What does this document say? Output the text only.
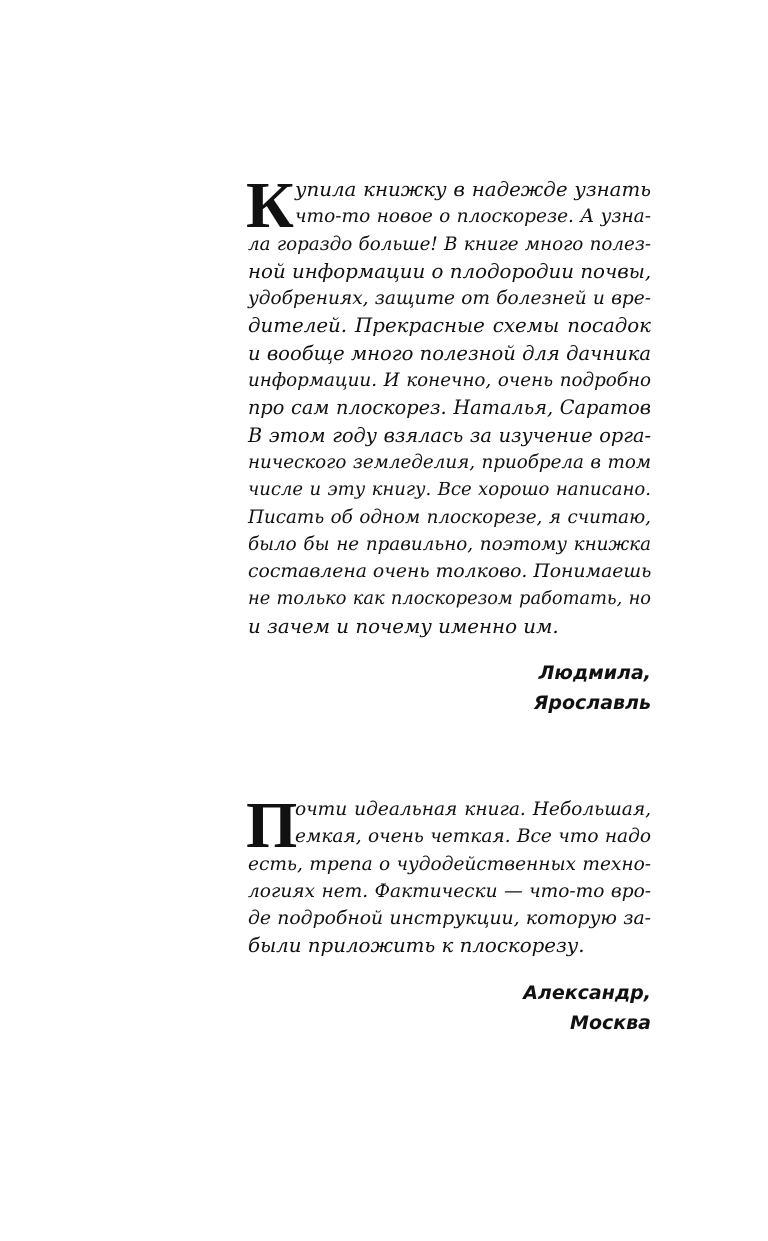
К упила книжку в надежде узнать
что-то новое о плоскорезе. А узна-
ла гораздо больше! В книге много полез-
ной информации о плодородии почвы,
удобрениях, защите от болезней и вре-
дителей. Прекрасные схемы посадок
и вообще много полезной для дачника
информации. И конечно, очень подробно
про сам плоскорез. Наталья, Саратов
В этом году взялась за изучение орга-
нического земледелия, приобрела в том
числе и эту книгу. Все хорошо написано.
Писать об одном плоскорезе, я считаю,
было бы не правильно, поэтому книжка
составлена очень толково. Понимаешь
не только как плоскорезом работать, но
и зачем и почему именно им.
Людмила,
Ярославль
П
очти идеальная книга. Небольшая,
емкая, очень четкая. Все что надо
есть, трепа о чудодейственных техно-
логиях нет. Фактически — что-то вро-
де подробной инструкции, которую за-
были приложить к плоскорезу.
Александр,
Москва
